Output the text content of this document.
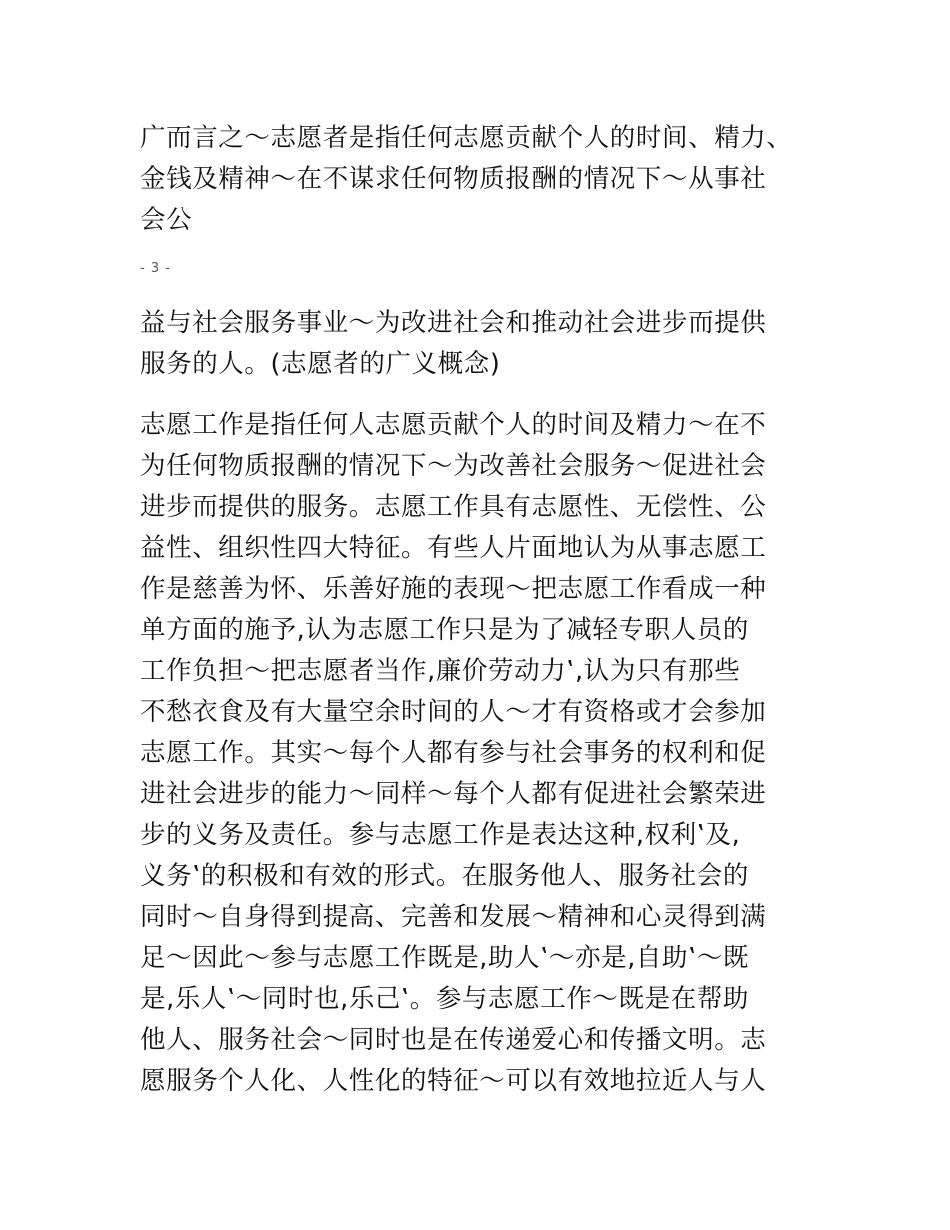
广而言之～志愿者是指任何志愿贡献个人的时间、精力、
金钱及精神～在不谋求任何物质报酬的情况下～从事社
会公
- 3 -
益与社会服务事业～为改进社会和推动社会进步而提供
服务的人。(志愿者的广义概念)
志愿工作是指任何人志愿贡献个人的时间及精力～在不
为任何物质报酬的情况下～为改善社会服务～促进社会
进步而提供的服务。志愿工作具有志愿性、无偿性、公
益性、组织性四大特征。有些人片面地认为从事志愿工
作是慈善为怀、乐善好施的表现～把志愿工作看成一种
单方面的施予,认为志愿工作只是为了减轻专职人员的
工作负担～把志愿者当作,廉价劳动力‛,认为只有那些
不愁衣食及有大量空余时间的人～才有资格或才会参加
志愿工作。其实～每个人都有参与社会事务的权利和促
进社会进步的能力～同样～每个人都有促进社会繁荣进
步的义务及责任。参与志愿工作是表达这种,权利‛及,
义务‛的积极和有效的形式。在服务他人、服务社会的
同时～自身得到提高、完善和发展～精神和心灵得到满
足～因此～参与志愿工作既是,助人‛～亦是,自助‛～既
是,乐人‛～同时也,乐己‛。参与志愿工作～既是在帮助
他人、服务社会～同时也是在传递爱心和传播文明。志
愿服务个人化、人性化的特征～可以有效地拉近人与人
